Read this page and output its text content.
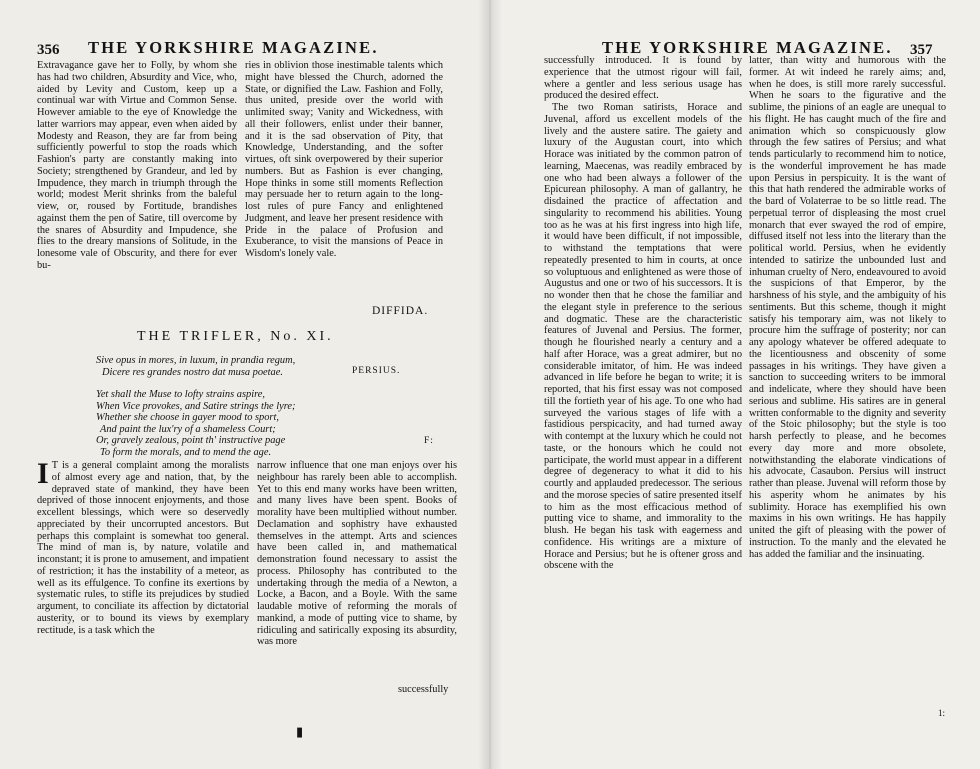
356 THE YORKSHIRE MAGAZINE.

Extravagance gave her to Folly, by whom she has had two children, Absurdity and Vice, who, aided by Levity and Custom, keep up a continual war with Virtue and Common Sense. However amiable to the eye of Knowledge the latter warriors may appear, even when aided by Modesty and Reason, they are far from being sufficiently powerful to stop the roads which Fashion's party are constantly making into Society; strengthened by Grandeur, and led by Impudence, they march in triumph through the world; modest Merit shrinks from the baleful view, or, roused by Fortitude, brandishes against them the pen of Satire, till overcome by the snares of Absurdity and Impudence, she flies to the dreary mansions of Solitude, in the lonesome vale of Obscurity, and there for ever bu-

ries in oblivion those inestimable talents which might have blessed the Church, adorned the State, or dignified the Law. Fashion and Folly, thus united, preside over the world with unlimited sway; Vanity and Wickedness, with all their followers, enlist under their banner, and it is the sad observation of Pity, that Knowledge, Understanding, and the softer virtues, oft sink overpowered by their superior numbers. But as Fashion is ever changing, Hope thinks in some still moments Reflection may persuade her to return again to the long-lost rules of pure Fancy and enlightened Judgment, and leave her present residence with Pride in the palace of Profusion and Exuberance, to visit the mansions of Peace in Wisdom's lonely vale.

DIFFIDA.
THE TRIFLER, No. XI.
Sive opus in mores, in luxum, in prandia regum,
Dicere res grandes nostro dat musa poetae.	PERSIUS.
Yet shall the Muse to lofty strains aspire,
When Vice provokes, and Satire strings the lyre;
Whether she choose in gayer mood to sport,
And paint the lux'ry of a shameless Court;
Or, gravely zealous, point th' instructive page
To form the morals, and to mend the age.
F:

I T is a general complaint among the moralists of almost every age and nation, that, by the depraved state of mankind, they have been deprived of those innocent enjoyments, and those excellent blessings, which were so deservedly appreciated by their uncorrupted ancestors. But perhaps this complaint is somewhat too general. The mind of man is, by nature, volatile and inconstant; it is prone to amusement, and impatient of restriction; it has the instability of a meteor, as well as its effulgence. To confine its exertions by systematic rules, to stifle its prejudices by studied argument, to conciliate its affection by dictatorial austerity, or to bound its views by exemplary rectitude, is a task which the

narrow influence that one man enjoys over his neighbour has rarely been able to accomplish. Yet to this end many works have been written, and many lives have been spent. Books of morality have been multiplied without number. Declamation and sophistry have exhausted themselves in the attempt. Arts and sciences have been called in, and mathematical demonstration found necessary to assist the process. Philosophy has contributed to the undertaking through the media of a Newton, a Locke, a Bacon, and a Boyle. With the same laudable motive of reforming the morals of mankind, a mode of putting vice to shame, by ridiculing and satirically exposing its absurdity, was more

successfully
▮
THE YORKSHIRE MAGAZINE. 357

successfully introduced. It is found by experience that the utmost rigour will fail, where a gentler and less serious usage has produced the desired effect.

The two Roman satirists, Horace and Juvenal, afford us excellent models of the lively and the austere satire. The gaiety and luxury of the Augustan court, into which Horace was initiated by the common patron of learning, Maecenas, was readily embraced by one who had been always a follower of the Epicurean philosophy. A man of gallantry, he disdained the practice of affectation and singularity to recommend his abilities. Young too as he was at his first ingress into high life, it would have been difficult, if not impossible, to withstand the temptations that were repeatedly presented to him in courts, at once so voluptuous and enlightened as were those of Augustus and one or two of his successors. It is no wonder then that he chose the familiar and the elegant style in preference to the serious and dogmatic. These are the characteristic features of Juvenal and Persius. The former, though he flourished nearly a century and a half after Horace, was a great admirer, but no considerable imitator, of him. He was indeed advanced in life before he began to write; it is reported, that his first essay was not composed till the fortieth year of his age. To one who had surveyed the various stages of life with a fastidious perspicacity, and had turned away with contempt at the luxury which he could not taste, or the honours which he could not participate, the world must appear in a different degree of degeneracy to what it did to his courtly and applauded predecessor. The serious and the morose species of satire presented itself to him as the most efficacious method of putting vice to shame, and immorality to the blush. He began his task with eagerness and confidence. His writings are a mixture of Horace and Persius; but he is oftener gross and obscene with the

latter, than witty and humorous with the former. At wit indeed he rarely aims; and, when he does, is still more rarely successful. When he soars to the figurative and the sublime, the pinions of an eagle are unequal to his flight. He has caught much of the fire and animation which so conspicuously glow through the few satires of Persius; and what tends particularly to recommend him to notice, is the wonderful improvement he has made upon Persius in perspicuity. It is the want of this that hath rendered the admirable works of the bard of Volaterrae to be so little read. The perpetual terror of displeasing the most cruel monarch that ever swayed the rod of empire, diffused itself not less into the literary than the political world. Persius, when he evidently intended to satirize the unbounded lust and inhuman cruelty of Nero, endeavoured to avoid the suspicions of that Emperor, by the harshness of his style, and the ambiguity of his sentiments. But this scheme, though it might satisfy his temporary aim, was not likely to procure him the suffrage of posterity; nor can any apology whatever be offered adequate to the licentiousness and obscenity of some passages in his writings. They have given a sanction to succeeding writers to be immoral and indelicate, where they should have been serious and sublime. His satires are in general written conformable to the dignity and severity of the Stoic philosophy; but the style is too harsh perfectly to please, and he becomes every day more and more obsolete, notwithstanding the elaborate vindications of his advocate, Casaubon. Persius will instruct rather than please. Juvenal will reform those by his asperity whom he animates by his sublimity. Horace has exemplified his own maxims in his own writings. He has happily united the gift of pleasing with the power of instruction. To the manly and the elevated he has added the familiar and the insinuating.

1:
